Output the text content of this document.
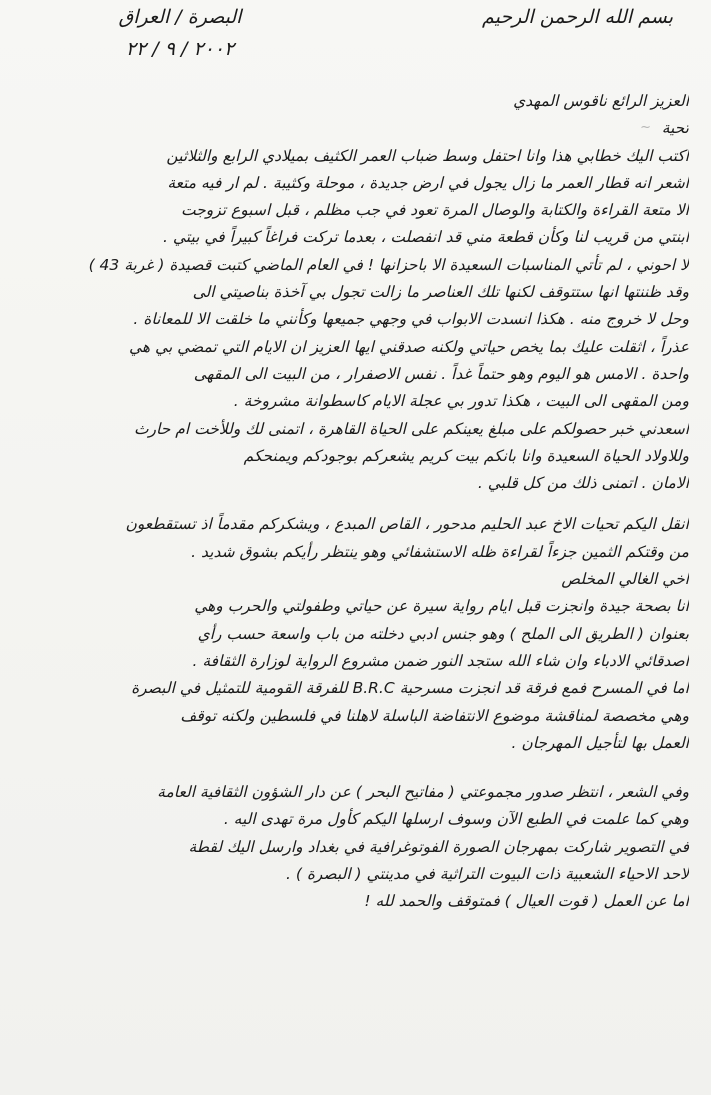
~
بسم الله الرحمن الرحيم
البصرة / العراق
٢٠٠٢ / ٩ / ٢٢
العزيز الرائع ناقوس المهدي
تحية
اكتب اليك خطابي هذا وانا احتفل وسط ضباب العمر الكثيف بميلادي الرابع والثلاثين
اشعر انه قطار العمر ما زال يجول في ارض جديدة ، موحلة وكثيبة . لم ار فيه متعة
الا متعة القراءة والكتابة والوصال المرة تعود في جب مظلم ، قبل اسبوع تزوجت
ابنتي من قريب لنا وكأن قطعة مني قد انفصلت ، بعدما تركت فراغاً كبيراً في بيتي .
لا احوني ، لم تأتي المناسبات السعيدة الا باحزانها ! في العام الماضي كتبت قصيدة ( غربة 43 )
وقد ظننتها انها ستتوقف لكنها تلك العناصر ما زالت تجول بي آخذة بناصيتي الى
وحل لا خروج منه . هكذا انسدت الابواب في وجهي جميعها وكأنني ما خلقت الا للمعاناة .
عذراً ، اثقلت عليك بما يخص حياتي ولكنه صدقني ايها العزيز ان الايام التي تمضي بي هي
واحدة . الامس هو اليوم وهو حتماً غداً . نفس الاصفرار ، من البيت الى المقهى
ومن المقهى الى البيت ، هكذا تدور بي عجلة الايام كاسطوانة مشروخة .
اسعدني خبر حصولكم على مبلغ يعينكم على الحياة القاهرة ، اتمنى لك وللأخت ام حارث
وللاولاد الحياة السعيدة وانا بانكم بيت كريم يشعركم بوجودكم ويمنحكم
الامان . اتمنى ذلك من كل قلبي .
انقل اليكم تحيات الاخ عبد الحليم مدحور ، القاص المبدع ، ويشكركم مقدماً اذ تستقطعون
من وقتكم الثمين جزءاً لقراءة ظله الاستشفائي وهو ينتظر رأيكم بشوق شديد .
اخي الغالي المخلص
انا بصحة جيدة وانجزت قبل ايام رواية سيرة عن حياتي وطفولتي والحرب وهي
بعنوان ( الطريق الى الملح ) وهو جنس ادبي دخلته من باب واسعة حسب رأي
اصدقائي الادباء وان شاء الله ستجد النور ضمن مشروع الرواية لوزارة الثقافة .
اما في المسرح فمع فرقة قد انجزت مسرحية B.R.C للفرقة القومية للتمثيل في البصرة
وهي مخصصة لمناقشة موضوع الانتفاضة الباسلة لاهلنا في فلسطين ولكنه توقف
العمل بها لتأجيل المهرجان .
وفي الشعر ، انتظر صدور مجموعتي ( مفاتيح البحر ) عن دار الشؤون الثقافية العامة
وهي كما علمت في الطبع الآن وسوف ارسلها اليكم كأول مرة تهدى اليه .
في التصوير شاركت بمهرجان الصورة الفوتوغرافية في بغداد وارسل اليك لقطة
لاحد الاحياء الشعبية ذات البيوت التراثية في مدينتي ( البصرة ) .
اما عن العمل ( قوت العيال ) فمتوقف والحمد لله !
